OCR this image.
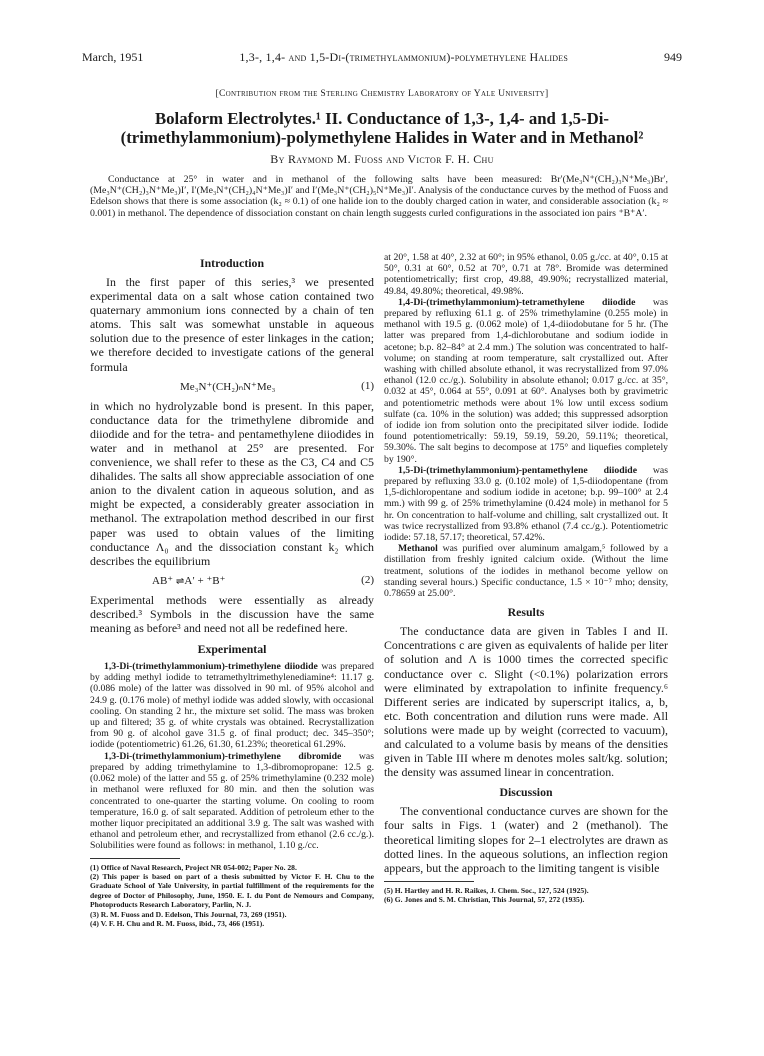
March, 1951	1,3-, 1,4- and 1,5-Di-(trimethylammonium)-polymethylene Halides	949
[Contribution from the Sterling Chemistry Laboratory of Yale University]
Bolaform Electrolytes.¹ II. Conductance of 1,3-, 1,4- and 1,5-Di-
(trimethylammonium)-polymethylene Halides in Water and in Methanol²
By Raymond M. Fuoss and Victor F. H. Chu
Conductance at 25° in water and in methanol of the following salts have been measured: Br′(Me₃N⁺(CH₂)₃N⁺Me₃)Br′, (Me₃N⁺(CH₂)₃N⁺Me₃)I′, I′(Me₃N⁺(CH₂)₄N⁺Me₃)I′ and I′(Me₃N⁺(CH₂)₅N⁺Me₃)I′. Analysis of the conductance curves by the method of Fuoss and Edelson shows that there is some association (k₂ ≈ 0.1) of one halide ion to the doubly charged cation in water, and considerable association (k₂ ≈ 0.001) in methanol. The dependence of dissociation constant on chain length suggests curled configurations in the associated ion pairs ⁺B⁺A′.
Introduction

In the first paper of this series,³ we presented experimental data on a salt whose cation contained two quaternary ammonium ions connected by a chain of ten atoms. This salt was somewhat unstable in aqueous solution due to the presence of ester linkages in the cation; we therefore decided to investigate cations of the general formula

Me₃N⁺(CH₂)ₙN⁺Me₃	(1)

in which no hydrolyzable bond is present. In this paper, conductance data for the trimethylene dibromide and diiodide and for the tetra- and pentamethylene diiodides in water and in methanol at 25° are presented. For convenience, we shall refer to these as the C3, C4 and C5 dihalides. The salts all show appreciable association of one anion to the divalent cation in aqueous solution, and as might be expected, a considerably greater association in methanol. The extrapolation method described in our first paper was used to obtain values of the limiting conductance Λ₀ and the dissociation constant k₂ which describes the equilibrium

AB⁺ ⇌ A′ + ⁺B⁺	(2)

Experimental methods were essentially as already described.³ Symbols in the discussion have the same meaning as before³ and need not all be redefined here.

Experimental

1,3-Di-(trimethylammonium)-trimethylene diiodide was prepared by adding methyl iodide to tetramethyltrimethylenediamine⁴: 11.17 g. (0.086 mole) of the latter was dissolved in 90 ml. of 95% alcohol and 24.9 g. (0.176 mole) of methyl iodide was added slowly, with occasional cooling. On standing 2 hr., the mixture set solid. The mass was broken up and filtered; 35 g. of white crystals was obtained. Recrystallization from 90 g. of alcohol gave 31.5 g. of final product; dec. 345–350°; iodide (potentiometric) 61.26, 61.30, 61.23%; theoretical 61.29%.

1,3-Di-(trimethylammonium)-trimethylene dibromide was prepared by adding trimethylamine to 1,3-dibromopropane: 12.5 g. (0.062 mole) of the latter and 55 g. of 25% trimethylamine (0.232 mole) in methanol were refluxed for 80 min. and then the solution was concentrated to one-quarter the starting volume. On cooling to room temperature, 16.0 g. of salt separated. Addition of petroleum ether to the mother liquor precipitated an additional 3.9 g. The salt was washed with ethanol and petroleum ether, and recrystallized from ethanol (2.6 cc./g.). Solubilities were found as follows: in methanol, 1.10 g./cc.

(1) Office of Naval Research, Project NR 054-002; Paper No. 28.

(2) This paper is based on part of a thesis submitted by Victor F. H. Chu to the Graduate School of Yale University, in partial fulfillment of the requirements for the degree of Doctor of Philosophy, June, 1950. E. I. du Pont de Nemours and Company, Photoproducts Research Laboratory, Parlin, N. J.

(3) R. M. Fuoss and D. Edelson, This Journal, 73, 269 (1951).

(4) V. F. H. Chu and R. M. Fuoss, ibid., 73, 466 (1951).

at 20°, 1.58 at 40°, 2.32 at 60°; in 95% ethanol, 0.05 g./cc. at 40°, 0.15 at 50°, 0.31 at 60°, 0.52 at 70°, 0.71 at 78°. Bromide was determined potentiometrically; first crop, 49.88, 49.90%; recrystallized material, 49.84, 49.80%; theoretical, 49.98%.

1,4-Di-(trimethylammonium)-tetramethylene diiodide was prepared by refluxing 61.1 g. of 25% trimethylamine (0.255 mole) in methanol with 19.5 g. (0.062 mole) of 1,4-diiodobutane for 5 hr. (The latter was prepared from 1,4-dichlorobutane and sodium iodide in acetone; b.p. 82–84° at 2.4 mm.) The solution was concentrated to half-volume; on standing at room temperature, salt crystallized out. After washing with chilled absolute ethanol, it was recrystallized from 97.0% ethanol (12.0 cc./g.). Solubility in absolute ethanol; 0.017 g./cc. at 35°, 0.032 at 45°, 0.064 at 55°, 0.091 at 60°. Analyses both by gravimetric and potentiometric methods were about 1% low until excess sodium sulfate (ca. 10% in the solution) was added; this suppressed adsorption of iodide ion from solution onto the precipitated silver iodide. Iodide found potentiometrically: 59.19, 59.19, 59.20, 59.11%; theoretical, 59.30%. The salt begins to decompose at 175° and liquefies completely by 190°.

1,5-Di-(trimethylammonium)-pentamethylene diiodide was prepared by refluxing 33.0 g. (0.102 mole) of 1,5-diiodopentane (from 1,5-dichloropentane and sodium iodide in acetone; b.p. 99–100° at 2.4 mm.) with 99 g. of 25% trimethylamine (0.424 mole) in methanol for 5 hr. On concentration to half-volume and chilling, salt crystallized out. It was twice recrystallized from 93.8% ethanol (7.4 cc./g.). Potentiometric iodide: 57.18, 57.17; theoretical, 57.42%.

Methanol was purified over aluminum amalgam,⁵ followed by a distillation from freshly ignited calcium oxide. (Without the lime treatment, solutions of the iodides in methanol become yellow on standing several hours.) Specific conductance, 1.5 × 10⁻⁷ mho; density, 0.78659 at 25.00°.

Results

The conductance data are given in Tables I and II. Concentrations c are given as equivalents of halide per liter of solution and Λ is 1000 times the corrected specific conductance over c. Slight (<0.1%) polarization errors were eliminated by extrapolation to infinite frequency.⁶ Different series are indicated by superscript italics, a, b, etc. Both concentration and dilution runs were made. All solutions were made up by weight (corrected to vacuum), and calculated to a volume basis by means of the densities given in Table III where m denotes moles salt/kg. solution; the density was assumed linear in concentration.

Discussion

The conventional conductance curves are shown for the four salts in Figs. 1 (water) and 2 (methanol). The theoretical limiting slopes for 2–1 electrolytes are drawn as dotted lines. In the aqueous solutions, an inflection region appears, but the approach to the limiting tangent is visible

(5) H. Hartley and H. R. Raikes, J. Chem. Soc., 127, 524 (1925).

(6) G. Jones and S. M. Christian, This Journal, 57, 272 (1935).
